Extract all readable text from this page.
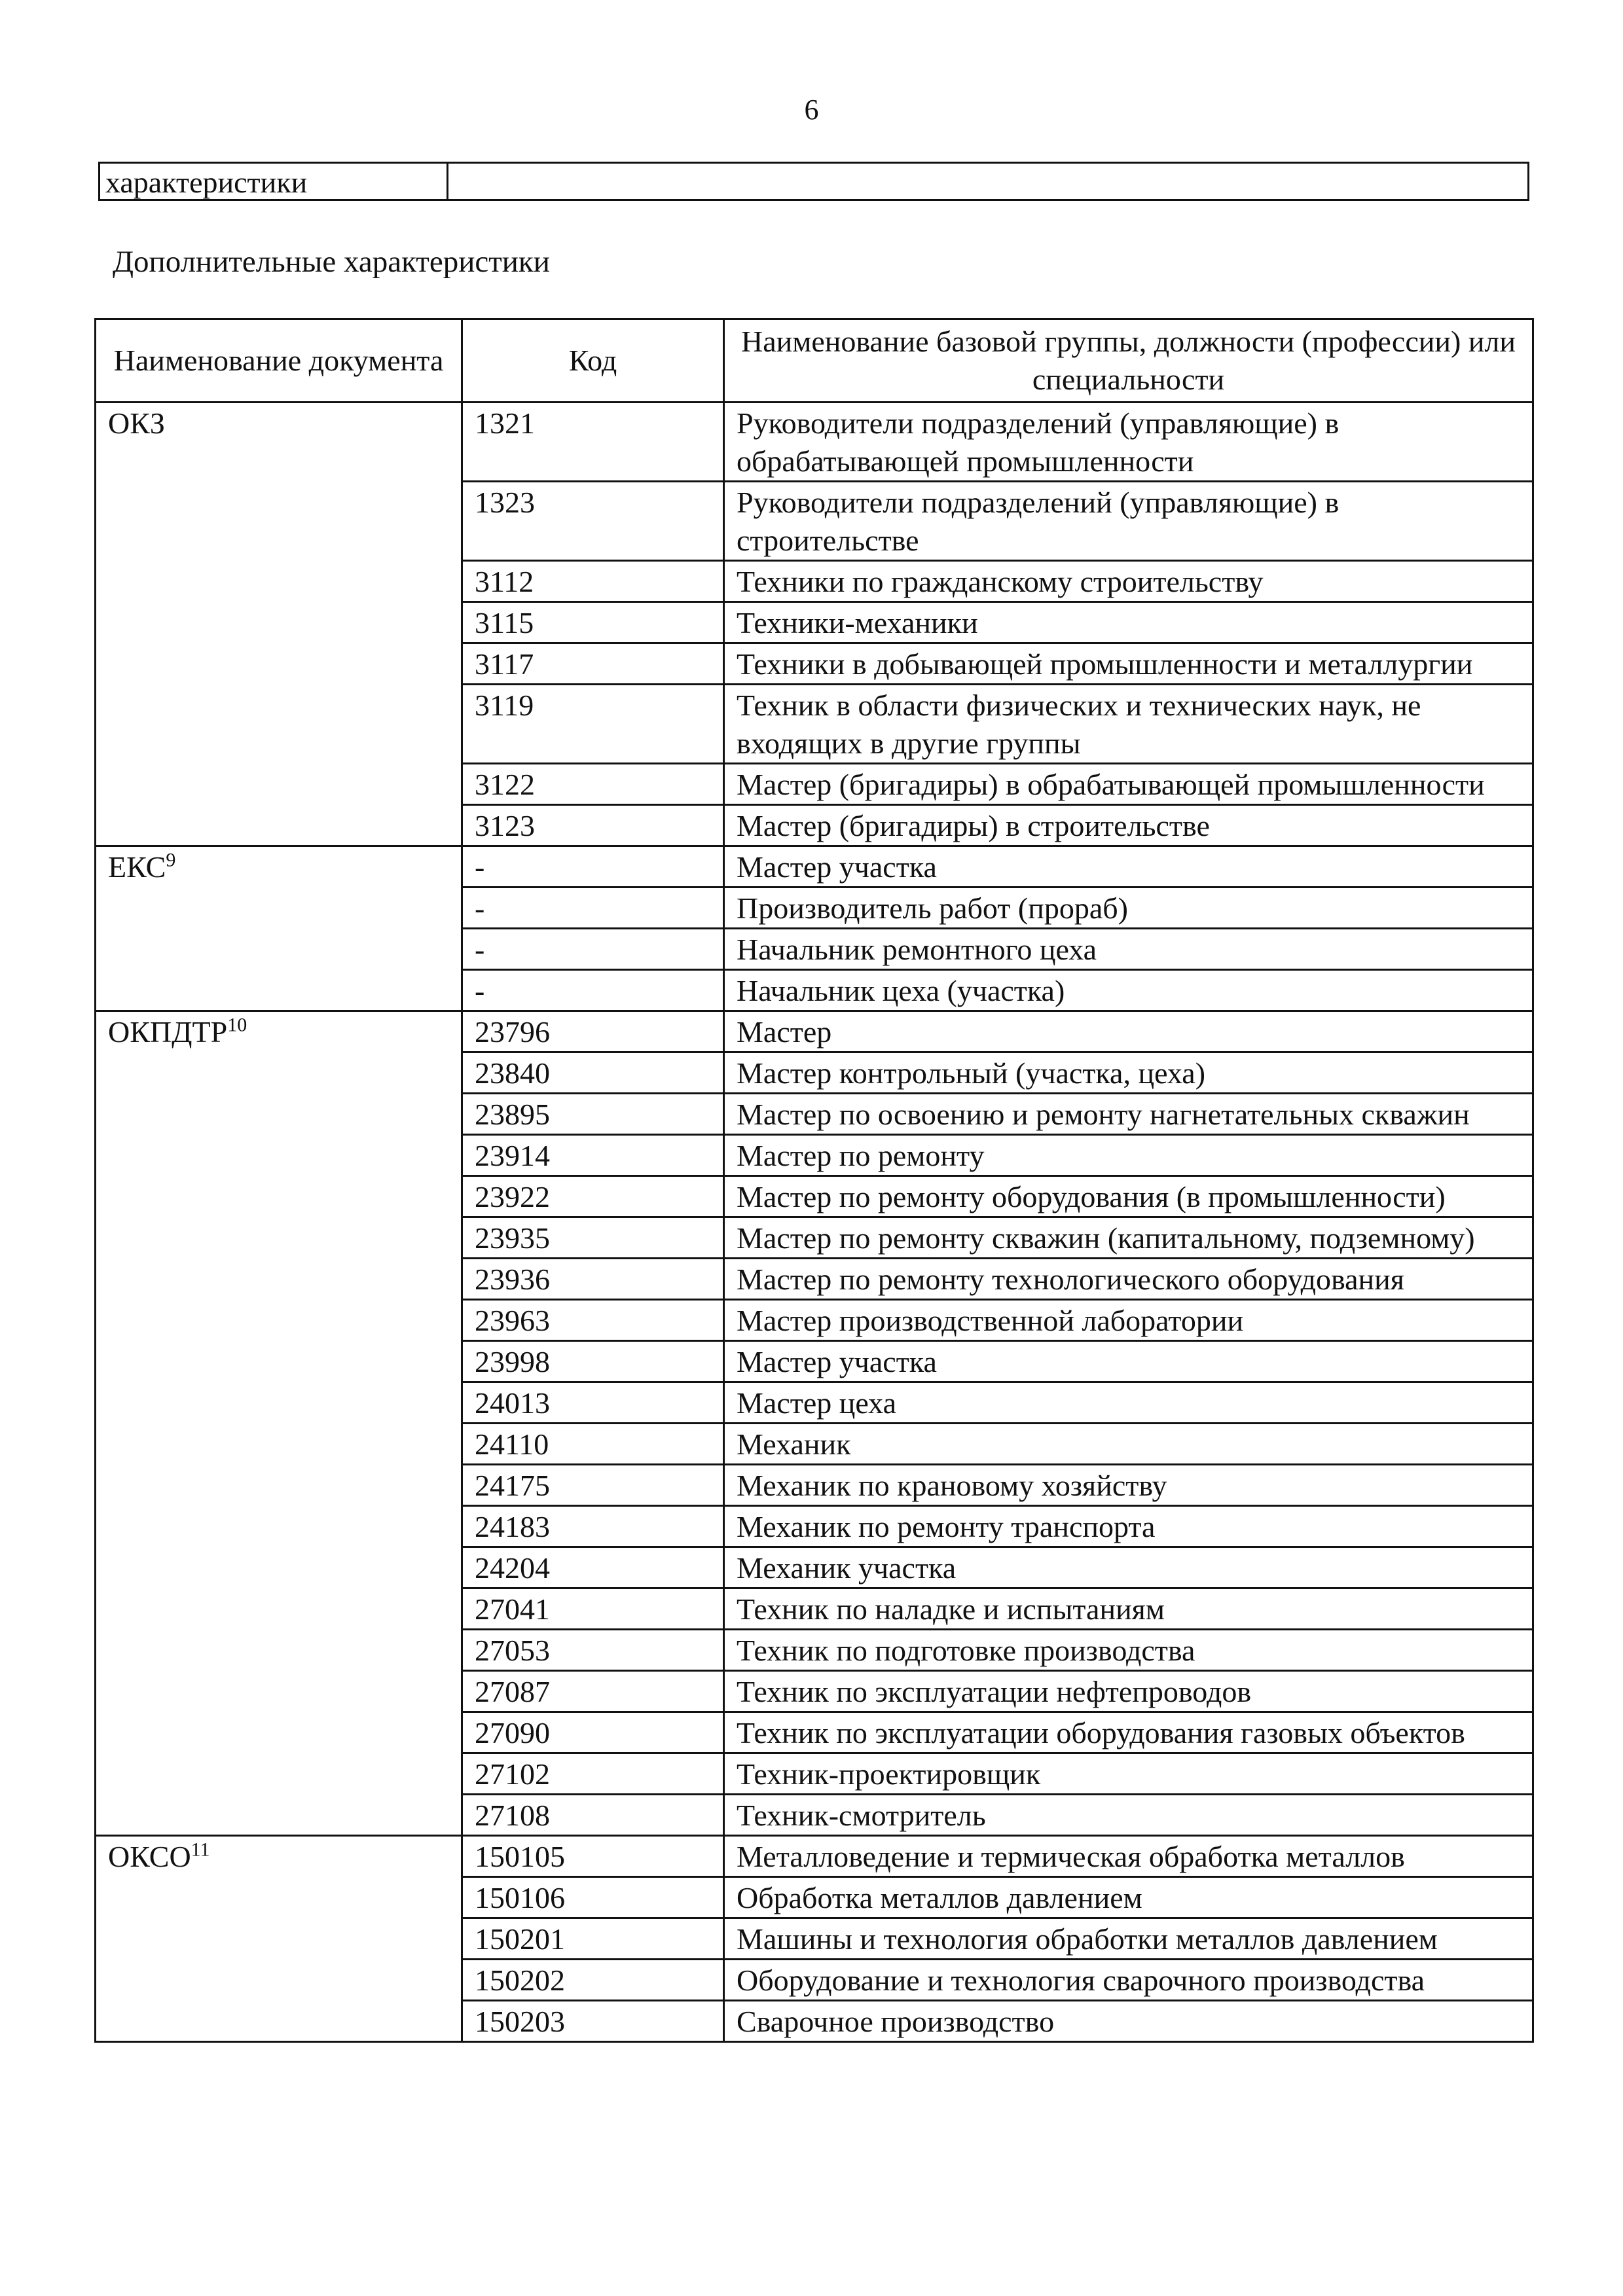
6
характеристики
Дополнительные характеристики
Наименование документа	Код	Наименование базовой группы, должности (профессии) или специальности
ОКЗ	1321	Руководители подразделений (управляющие) в обрабатывающей промышленности
	1323	Руководители подразделений (управляющие) в строительстве
	3112	Техники по гражданскому строительству
	3115	Техники-механики
	3117	Техники в добывающей промышленности и металлургии
	3119	Техник в области физических и технических наук, не входящих в другие группы
	3122	Мастер (бригадиры) в обрабатывающей промышленности
	3123	Мастер (бригадиры) в строительстве
ЕКС$^9$	-	Мастер участка
	-	Производитель работ (прораб)
	-	Начальник ремонтного цеха
	-	Начальник цеха (участка)
ОКПДТР$^{10}$	23796	Мастер
	23840	Мастер контрольный (участка, цеха)
	23895	Мастер по освоению и ремонту нагнетательных скважин
	23914	Мастер по ремонту
	23922	Мастер по ремонту оборудования (в промышленности)
	23935	Мастер по ремонту скважин (капитальному, подземному)
	23936	Мастер по ремонту технологического оборудования
	23963	Мастер производственной лаборатории
	23998	Мастер участка
	24013	Мастер цеха
	24110	Механик
	24175	Механик по крановому хозяйству
	24183	Механик по ремонту транспорта
	24204	Механик участка
	27041	Техник по наладке и испытаниям
	27053	Техник по подготовке производства
	27087	Техник по эксплуатации нефтепроводов
	27090	Техник по эксплуатации оборудования газовых объектов
	27102	Техник-проектировщик
	27108	Техник-смотритель
ОКСО$^{11}$	150105	Металловедение и термическая обработка металлов
	150106	Обработка металлов давлением
	150201	Машины и технология обработки металлов давлением
	150202	Оборудование и технология сварочного производства
	150203	Сварочное производство
